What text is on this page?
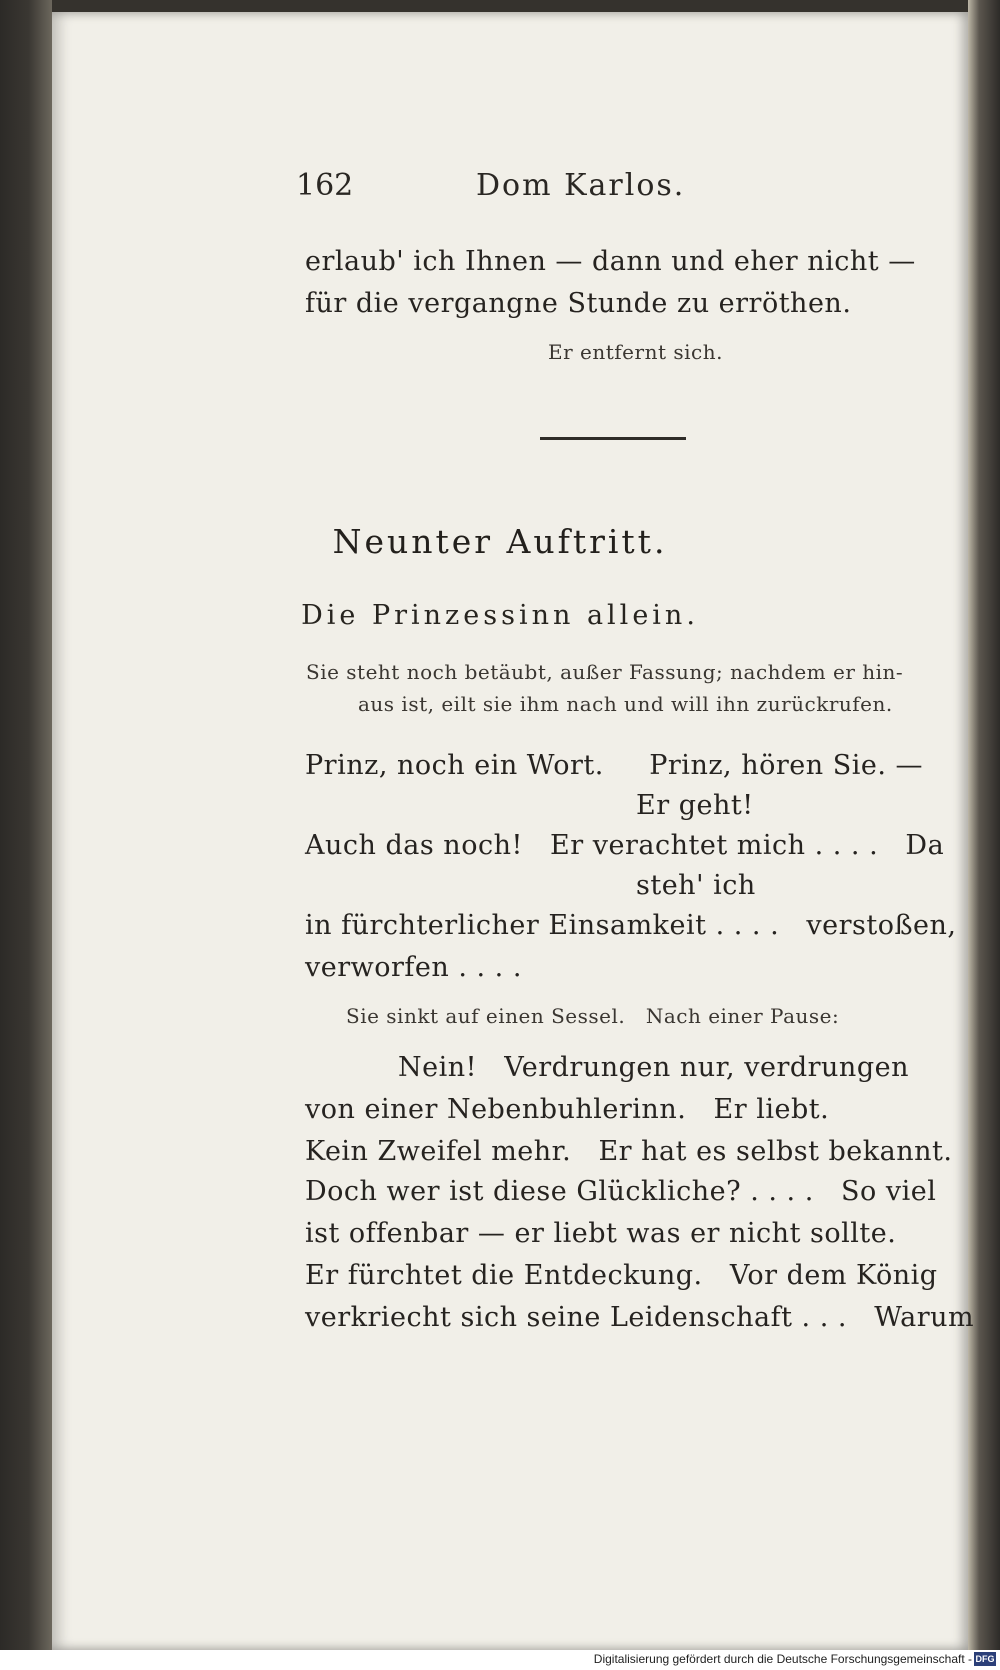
162	Dom Karlos.
erlaub' ich Ihnen — dann und eher nicht —
für die vergangne Stunde zu erröthen.
Er entfernt sich.
Neunter Auftritt.
Die Prinzessinn allein.
Sie steht noch betäubt, außer Fassung; nachdem er hin-
aus ist, eilt sie ihm nach und will ihn zurückrufen.
Prinz, noch ein Wort.     Prinz, hören Sie. —
Er geht!
Auch das noch!   Er verachtet mich . . . .   Da
steh' ich
in fürchterlicher Einsamkeit . . . .   verstoßen,
verworfen . . . .
Sie sinkt auf einen Sessel.   Nach einer Pause:
Nein!   Verdrungen nur, verdrungen
von einer Nebenbuhlerinn.   Er liebt.
Kein Zweifel mehr.   Er hat es selbst bekannt.
Doch wer ist diese Glückliche? . . . .   So viel
ist offenbar — er liebt was er nicht sollte.
Er fürchtet die Entdeckung.   Vor dem König
verkriecht sich seine Leidenschaft . . .   Warum
Digitalisierung gefördert durch die Deutsche Forschungsgemeinschaft - DFG
